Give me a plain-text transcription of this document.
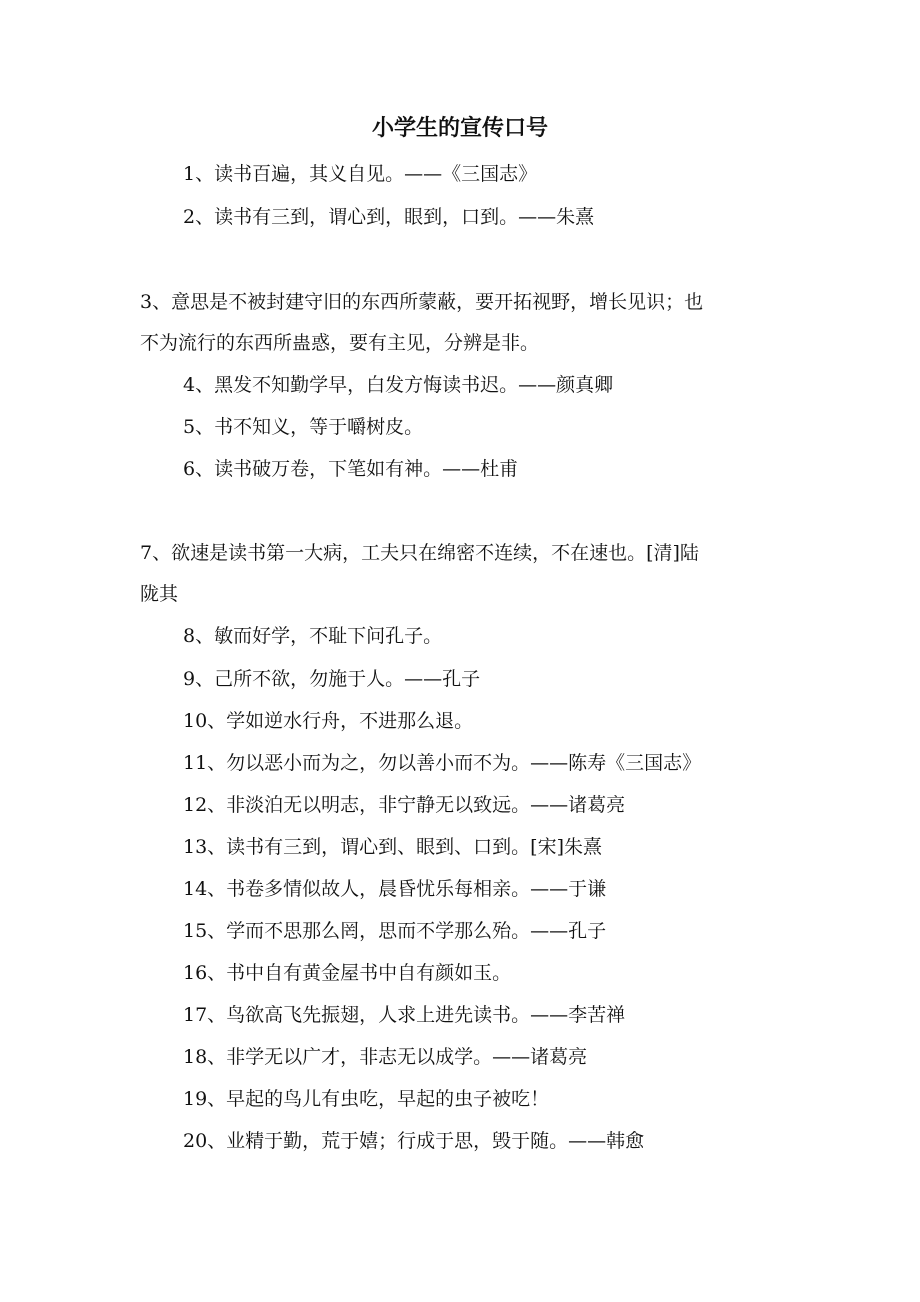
小学生的宣传口号

1、读书百遍，其义自见。——《三国志》

2、读书有三到，谓心到，眼到，口到。——朱熹

3、意思是不被封建守旧的东西所蒙蔽，要开拓视野，增长见识；也

不为流行的东西所蛊惑，要有主见，分辨是非。

4、黑发不知勤学早，白发方悔读书迟。——颜真卿

5、书不知义，等于嚼树皮。

6、读书破万卷，下笔如有神。——杜甫

7、欲速是读书第一大病，工夫只在绵密不连续，不在速也。[清]陆

陇其

8、敏而好学，不耻下问孔子。

9、己所不欲，勿施于人。——孔子

10、学如逆水行舟，不进那么退。

11、勿以恶小而为之，勿以善小而不为。——陈寿《三国志》

12、非淡泊无以明志，非宁静无以致远。——诸葛亮

13、读书有三到，谓心到、眼到、口到。[宋]朱熹

14、书卷多情似故人，晨昏忧乐每相亲。——于谦

15、学而不思那么罔，思而不学那么殆。——孔子

16、书中自有黄金屋书中自有颜如玉。

17、鸟欲高飞先振翅，人求上进先读书。——李苦禅

18、非学无以广才，非志无以成学。——诸葛亮

19、早起的鸟儿有虫吃，早起的虫子被吃！

20、业精于勤，荒于嬉；行成于思，毁于随。——韩愈
